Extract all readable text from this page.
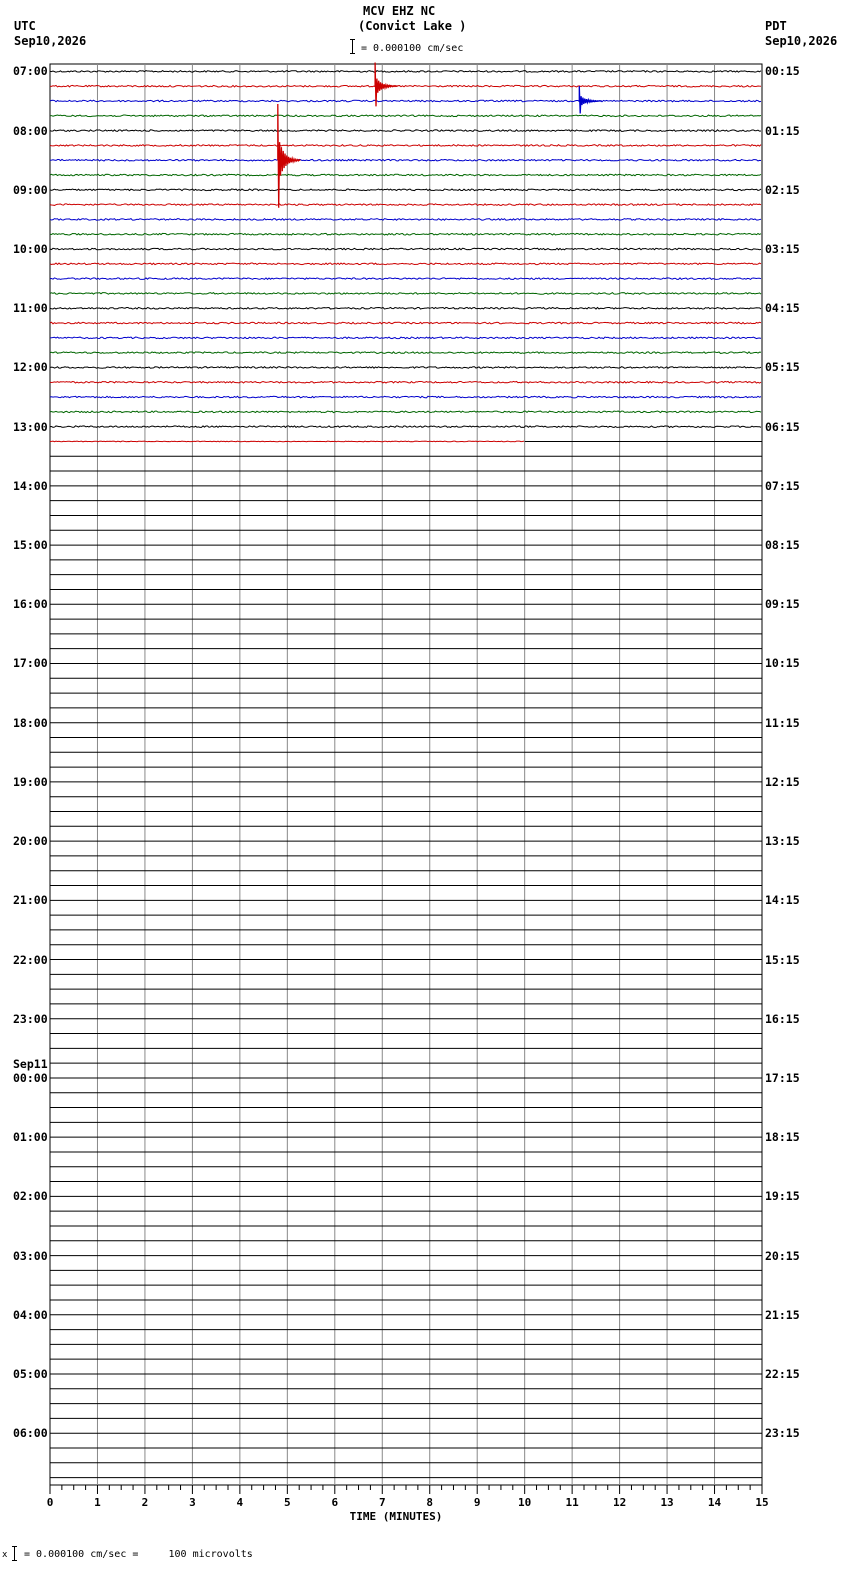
MCV EHZ NC
(Convict Lake )
= 0.000100 cm/sec
UTC
Sep10,2026
PDT
Sep10,2026
0	1	2	3	4	5	6	7	8	9	10	11	12	13	14	15
TIME (MINUTES)
07:00	00:15
08:00	01:15
09:00	02:15
10:00	03:15
11:00	04:15
12:00	05:15
13:00	06:15
14:00	07:15
15:00	08:15
16:00	09:15
17:00	10:15
18:00	11:15
19:00	12:15
20:00	13:15
21:00	14:15
22:00	15:15
23:00	16:15
00:00	17:15
Sep11
01:00	18:15
02:00	19:15
03:00	20:15
04:00	21:15
05:00	22:15
06:00	23:15
x = 0.000100 cm/sec =     100 microvolts
